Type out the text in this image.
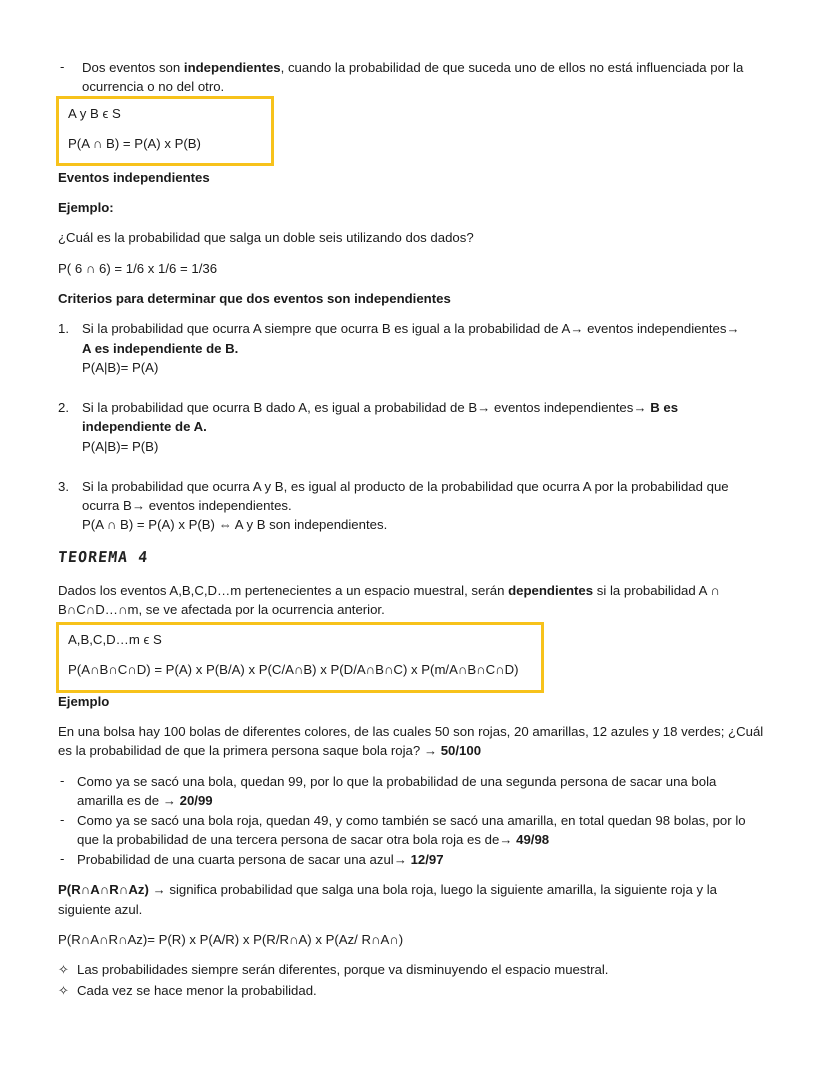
-	Dos eventos son independientes, cuando la probabilidad de que suceda uno de ellos no está influenciada por la
ocurrencia o no del otro.
A y B ϵ S
P(A ∩ B) = P(A) x P(B)
Eventos independientes
Ejemplo:
¿Cuál es la probabilidad que salga un doble seis utilizando dos dados?
P( 6 ∩ 6) = 1/6 x 1/6 = 1/36
Criterios para determinar que dos eventos son independientes
1. Si la probabilidad que ocurra A siempre que ocurra B es igual a la probabilidad de A→ eventos independientes→
A es independiente de B.
P(A|B)= P(A)
2. Si la probabilidad que ocurra B dado A, es igual a probabilidad de B→ eventos independientes→ B es
independiente de A.
P(A|B)= P(B)
3. Si la probabilidad que ocurra A y B, es igual al producto de la probabilidad que ocurra A por la probabilidad que
ocurra B→ eventos independientes.
P(A ∩ B) = P(A) x P(B) ⇔ A y B son independientes.
TEOREMA 4
Dados los eventos A,B,C,D…m pertenecientes a un espacio muestral, serán dependientes si la probabilidad A ∩
B∩C∩D…∩m, se ve afectada por la ocurrencia anterior.
A,B,C,D…m ϵ S
P(A∩B∩C∩D) = P(A) x P(B/A) x P(C/A∩B) x P(D/A∩B∩C) x P(m/A∩B∩C∩D)
Ejemplo
En una bolsa hay 100 bolas de diferentes colores, de las cuales 50 son rojas, 20 amarillas, 12 azules y 18 verdes; ¿Cuál
es la probabilidad de que la primera persona saque bola roja? → 50/100
- Como ya se sacó una bola, quedan 99, por lo que la probabilidad de una segunda persona de sacar una bola
amarilla es de → 20/99
- Como ya se sacó una bola roja, quedan 49, y como también se sacó una amarilla, en total quedan 98 bolas, por lo
que la probabilidad de una tercera persona de sacar otra bola roja es de→ 49/98
- Probabilidad de una cuarta persona de sacar una azul→ 12/97
P(R∩A∩R∩Az) → significa probabilidad que salga una bola roja, luego la siguiente amarilla, la siguiente roja y la
siguiente azul.
P(R∩A∩R∩Az)= P(R) x P(A/R) x P(R/R∩A) x P(Az/ R∩A∩)
✧ Las probabilidades siempre serán diferentes, porque va disminuyendo el espacio muestral.
✧ Cada vez se hace menor la probabilidad.
